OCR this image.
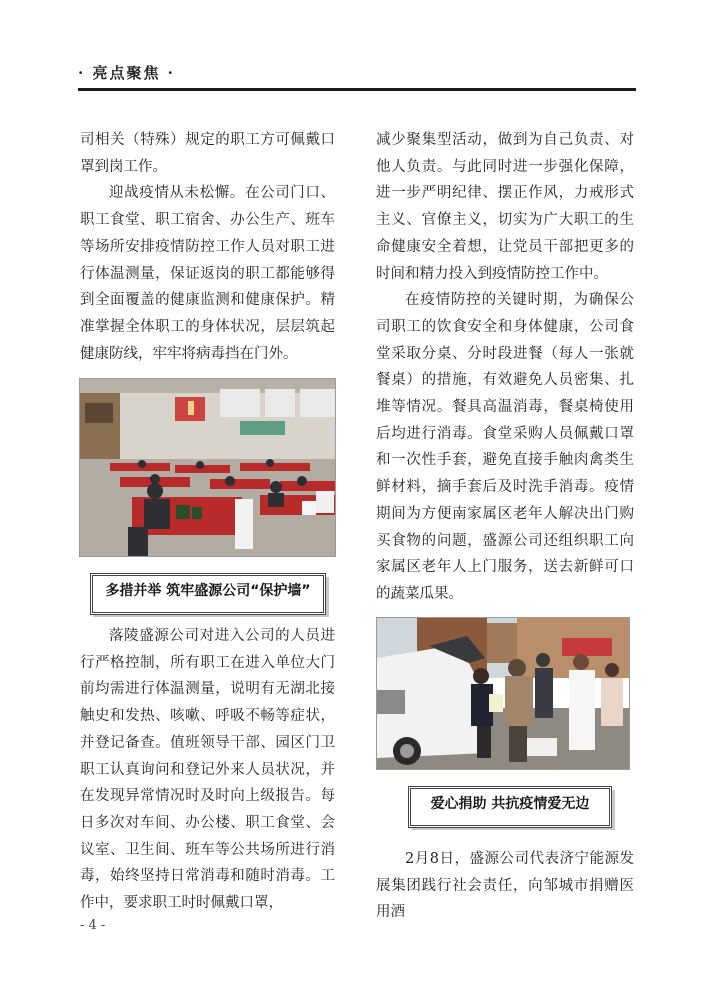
· 亮点聚焦 ·

司相关（特殊）规定的职工方可佩戴口罩到岗工作。

迎战疫情从未松懈。在公司门口、职工食堂、职工宿舍、办公生产、班车等场所安排疫情防控工作人员对职工进行体温测量，保证返岗的职工都能够得到全面覆盖的健康监测和健康保护。精准掌握全体职工的身体状况，层层筑起健康防线，牢牢将病毒挡在门外。

多措并举 筑牢盛源公司“保护墙”

落陵盛源公司对进入公司的人员进行严格控制，所有职工在进入单位大门前均需进行体温测量，说明有无湖北接触史和发热、咳嗽、呼吸不畅等症状，并登记备查。值班领导干部、园区门卫职工认真询问和登记外来人员状况，并在发现异常情况时及时向上级报告。每日多次对车间、办公楼、职工食堂、会议室、卫生间、班车等公共场所进行消毒，始终坚持日常消毒和随时消毒。工作中，要求职工时时佩戴口罩，

减少聚集型活动，做到为自己负责、对他人负责。与此同时进一步强化保障，进一步严明纪律、摆正作风，力戒形式主义、官僚主义，切实为广大职工的生命健康安全着想，让党员干部把更多的时间和精力投入到疫情防控工作中。

在疫情防控的关键时期，为确保公司职工的饮食安全和身体健康，公司食堂采取分桌、分时段进餐（每人一张就餐桌）的措施，有效避免人员密集、扎堆等情况。餐具高温消毒，餐桌椅使用后均进行消毒。食堂采购人员佩戴口罩和一次性手套，避免直接手触肉禽类生鲜材料，摘手套后及时洗手消毒。疫情期间为方便南家属区老年人解决出门购买食物的问题，盛源公司还组织职工向家属区老年人上门服务，送去新鲜可口的蔬菜瓜果。

爱心捐助 共抗疫情爱无边

2月8日，盛源公司代表济宁能源发展集团践行社会责任，向邹城市捐赠医用酒

- 4 -
